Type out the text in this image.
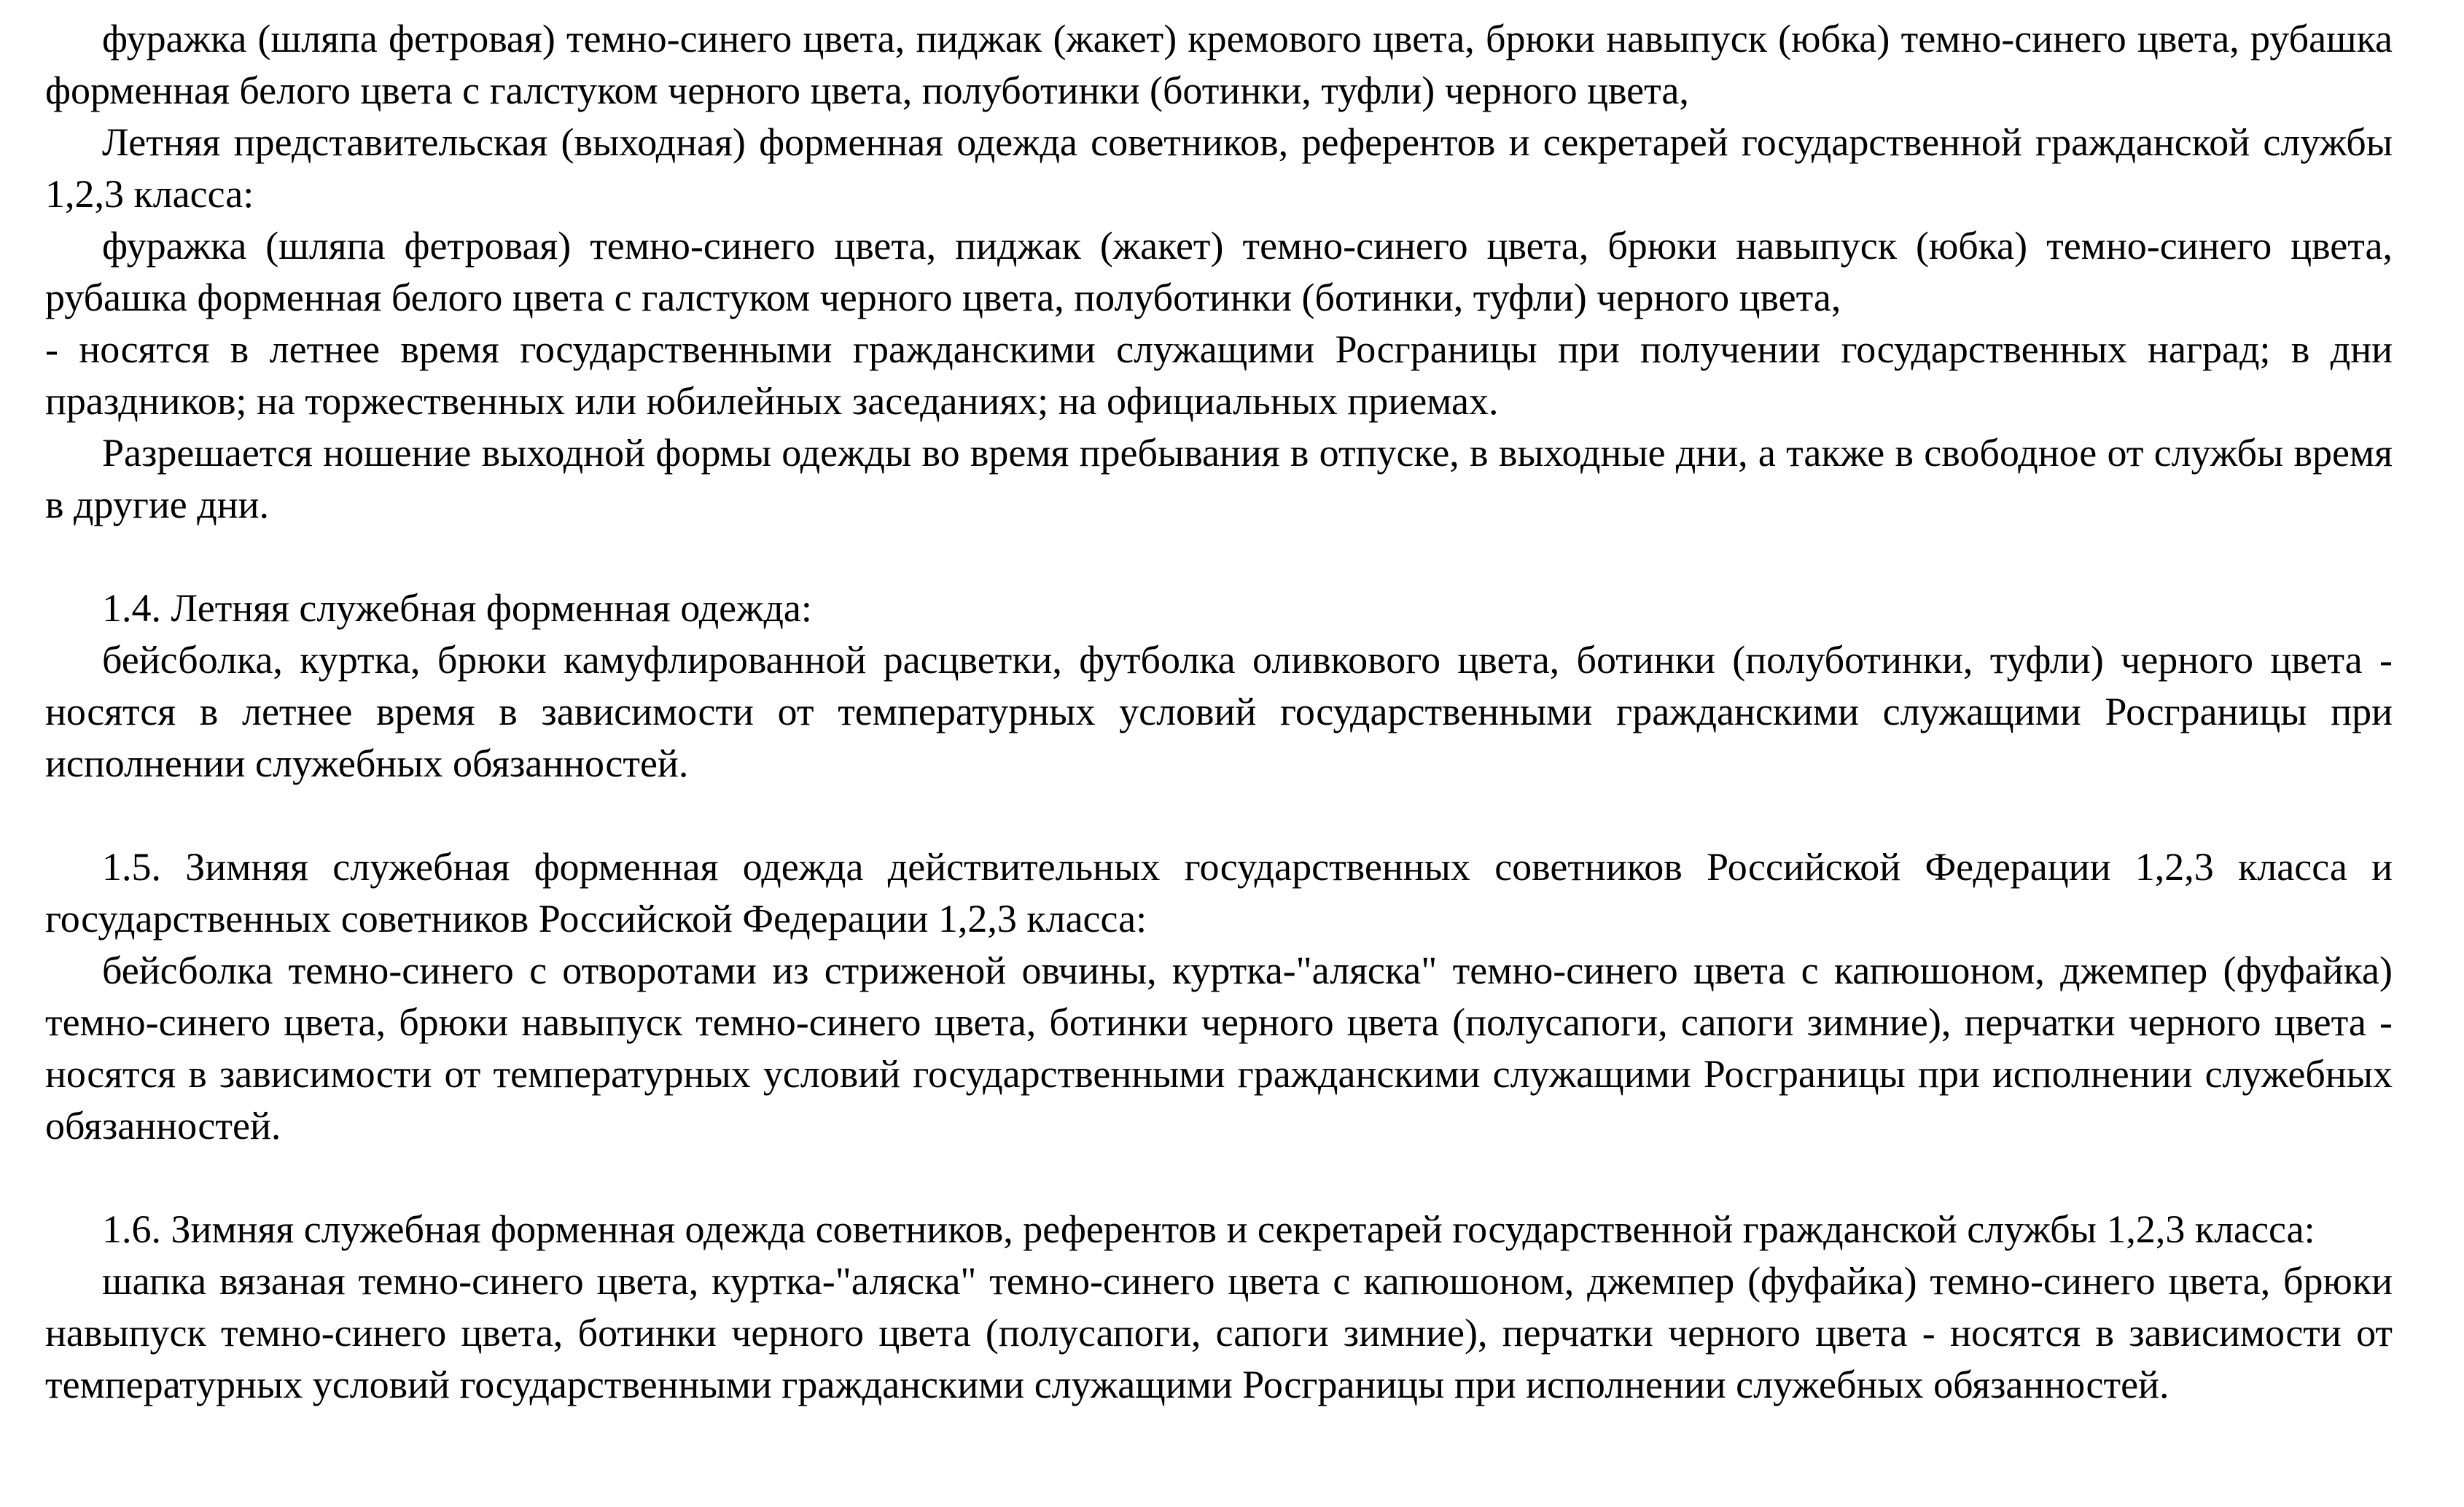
фуражка (шляпа фетровая) темно-синего цвета, пиджак (жакет) кремового цвета, брюки навыпуск (юбка) темно-синего цвета, рубашка форменная белого цвета с галстуком черного цвета, полуботинки (ботинки, туфли) черного цвета,

Летняя представительская (выходная) форменная одежда советников, референтов и секретарей государственной гражданской службы 1,2,3 класса:

фуражка (шляпа фетровая) темно-синего цвета, пиджак (жакет) темно-синего цвета, брюки навыпуск (юбка) темно-синего цвета, рубашка форменная белого цвета с галстуком черного цвета, полуботинки (ботинки, туфли) черного цвета,

- носятся в летнее время государственными гражданскими служащими Росграницы при получении государственных наград; в дни праздников; на торжественных или юбилейных заседаниях; на официальных приемах.

Разрешается ношение выходной формы одежды во время пребывания в отпуске, в выходные дни, а также в свободное от службы время в другие дни.

1.4. Летняя служебная форменная одежда:

бейсболка, куртка, брюки камуфлированной расцветки, футболка оливкового цвета, ботинки (полуботинки, туфли) черного цвета - носятся в летнее время в зависимости от температурных условий государственными гражданскими служащими Росграницы при исполнении служебных обязанностей.

1.5. Зимняя служебная форменная одежда действительных государственных советников Российской Федерации 1,2,3 класса и государственных советников Российской Федерации 1,2,3 класса:

бейсболка темно-синего с отворотами из стриженой овчины, куртка-"аляска" темно-синего цвета с капюшоном, джемпер (фуфайка) темно-синего цвета, брюки навыпуск темно-синего цвета, ботинки черного цвета (полусапоги, сапоги зимние), перчатки черного цвета - носятся в зависимости от температурных условий государственными гражданскими служащими Росграницы при исполнении служебных обязанностей.

1.6. Зимняя служебная форменная одежда советников, референтов и секретарей государственной гражданской службы 1,2,3 класса:

шапка вязаная темно-синего цвета, куртка-"аляска" темно-синего цвета с капюшоном, джемпер (фуфайка) темно-синего цвета, брюки навыпуск темно-синего цвета, ботинки черного цвета (полусапоги, сапоги зимние), перчатки черного цвета - носятся в зависимости от температурных условий государственными гражданскими служащими Росграницы при исполнении служебных обязанностей.
